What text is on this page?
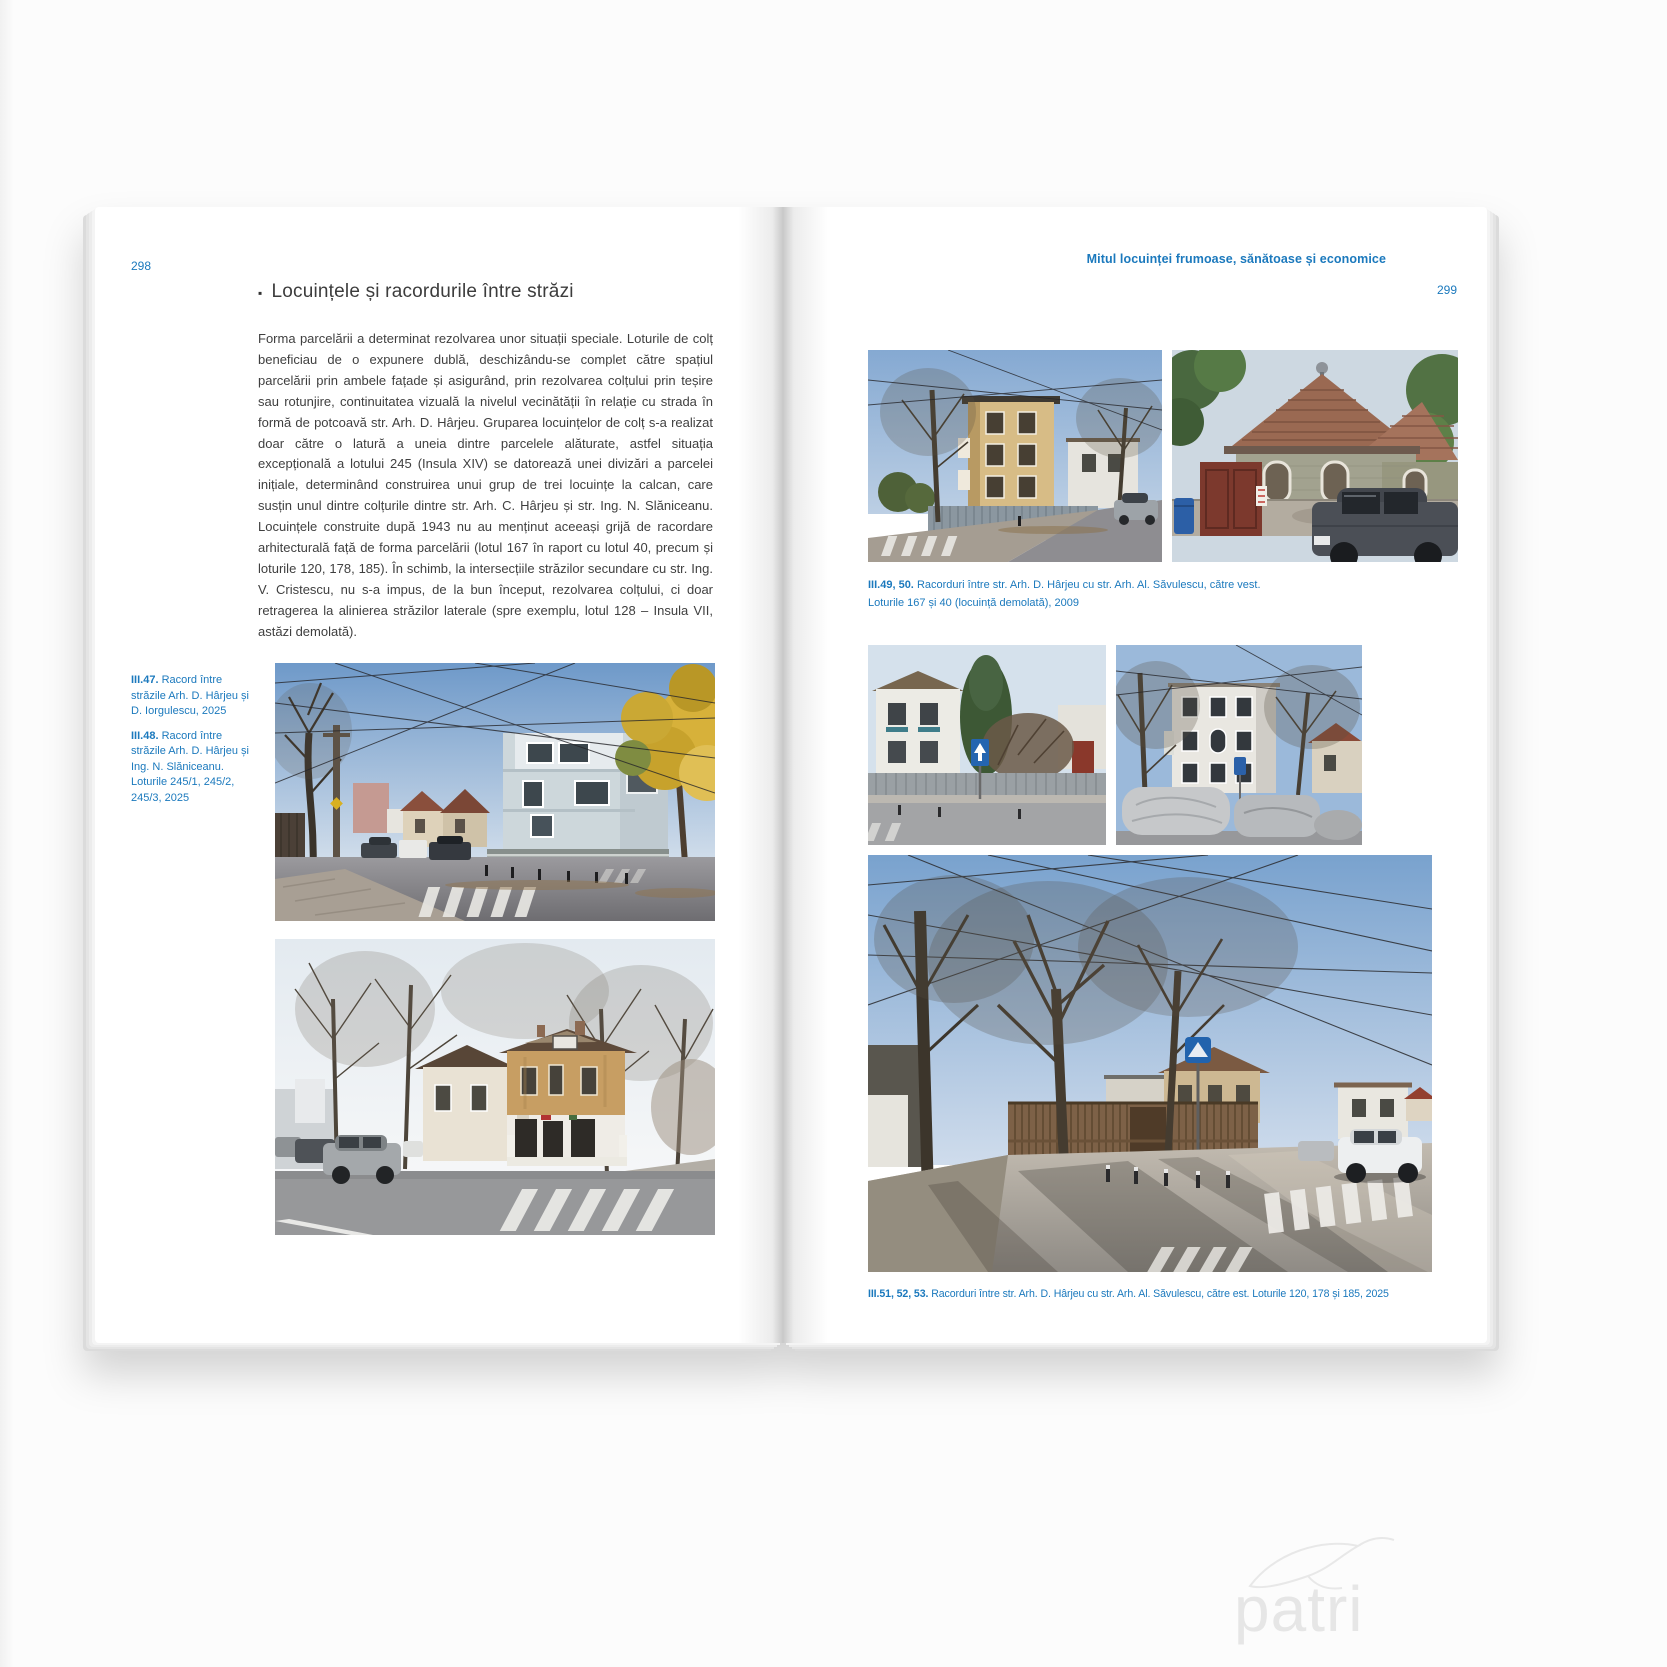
298
▪ Locuințele și racordurile între străzi

Forma parcelării a determinat rezolvarea unor situații speciale. Loturile de colț beneficiau de o expunere dublă, deschizându-se complet către spațiul parcelării prin ambele fațade și asigurând, prin rezolvarea colțului prin teșire sau rotunjire, continuitatea vizuală la nivelul vecinătății în relație cu strada în formă de potcoavă str. Arh. D. Hârjeu. Gruparea locuințelor de colț s-a realizat doar către o latură a uneia dintre parcelele alăturate, astfel situația excepțională a lotului 245 (Insula XIV) se datorează unei divizări a parcelei inițiale, determinând construirea unui grup de trei locuințe la calcan, care susțin unul dintre colțurile dintre str. Arh. C. Hârjeu și str. Ing. N. Slăniceanu. Locuințele construite după 1943 nu au menținut aceeași grijă de racordare arhitecturală față de forma parcelării (lotul 167 în raport cu lotul 40, precum și loturile 120, 178, 185). În schimb, la intersecțiile străzilor secundare cu str. Ing. V. Cristescu, nu s-a impus, de la bun început, rezolvarea colțului, ci doar retragerea la alinierea străzilor laterale (spre exemplu, lotul 128 – Insula VII, astăzi demolată).

III.47. Racord între străzile Arh. D. Hârjeu și D. Iorgulescu, 2025

III.48. Racord între străzile Arh. D. Hârjeu și Ing. N. Slăniceanu. Loturile 245/1, 245/2, 245/3, 2025

Mitul locuinței frumoase, sănătoase și economice
299
III.49, 50. Racorduri între str. Arh. D. Hârjeu cu str. Arh. Al. Săvulescu, către vest.
Loturile 167 și 40 (locuință demolată), 2009
III.51, 52, 53. Racorduri între str. Arh. D. Hârjeu cu str. Arh. Al. Săvulescu, către est. Loturile 120, 178 și 185, 2025
patri
